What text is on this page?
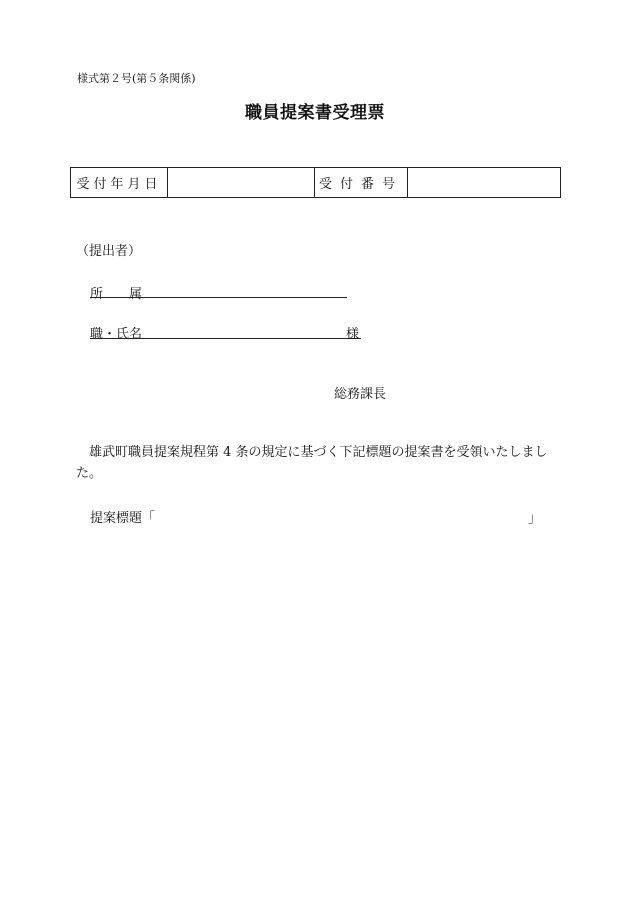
様式第２号(第５条関係)
職員提案書受理票
受付年月日		受付番号	
（提出者）
所　　属
職・氏名	様
総務課長
雄武町職員提案規程第 4 条の規定に基づく下記標題の提案書を受領いたしました。
提案標題「	」
